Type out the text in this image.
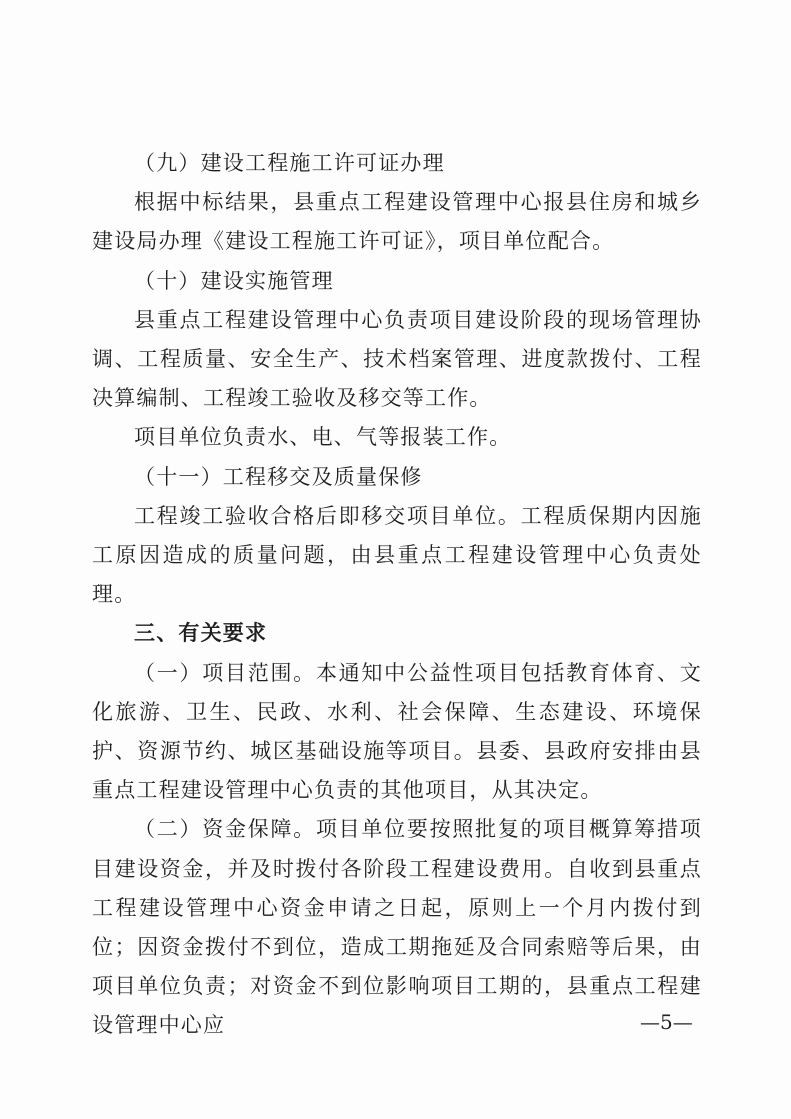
（九）建设工程施工许可证办理

根据中标结果，县重点工程建设管理中心报县住房和城乡建设局办理《建设工程施工许可证》，项目单位配合。

（十）建设实施管理

县重点工程建设管理中心负责项目建设阶段的现场管理协调、工程质量、安全生产、技术档案管理、进度款拨付、工程决算编制、工程竣工验收及移交等工作。

项目单位负责水、电、气等报装工作。

（十一）工程移交及质量保修

工程竣工验收合格后即移交项目单位。工程质保期内因施工原因造成的质量问题，由县重点工程建设管理中心负责处理。

三、有关要求

（一）项目范围。本通知中公益性项目包括教育体育、文化旅游、卫生、民政、水利、社会保障、生态建设、环境保护、资源节约、城区基础设施等项目。县委、县政府安排由县重点工程建设管理中心负责的其他项目，从其决定。

（二）资金保障。项目单位要按照批复的项目概算筹措项目建设资金，并及时拨付各阶段工程建设费用。自收到县重点工程建设管理中心资金申请之日起，原则上一个月内拨付到位；因资金拨付不到位，造成工期拖延及合同索赔等后果，由项目单位负责；对资金不到位影响项目工期的，县重点工程建设管理中心应	—5—
